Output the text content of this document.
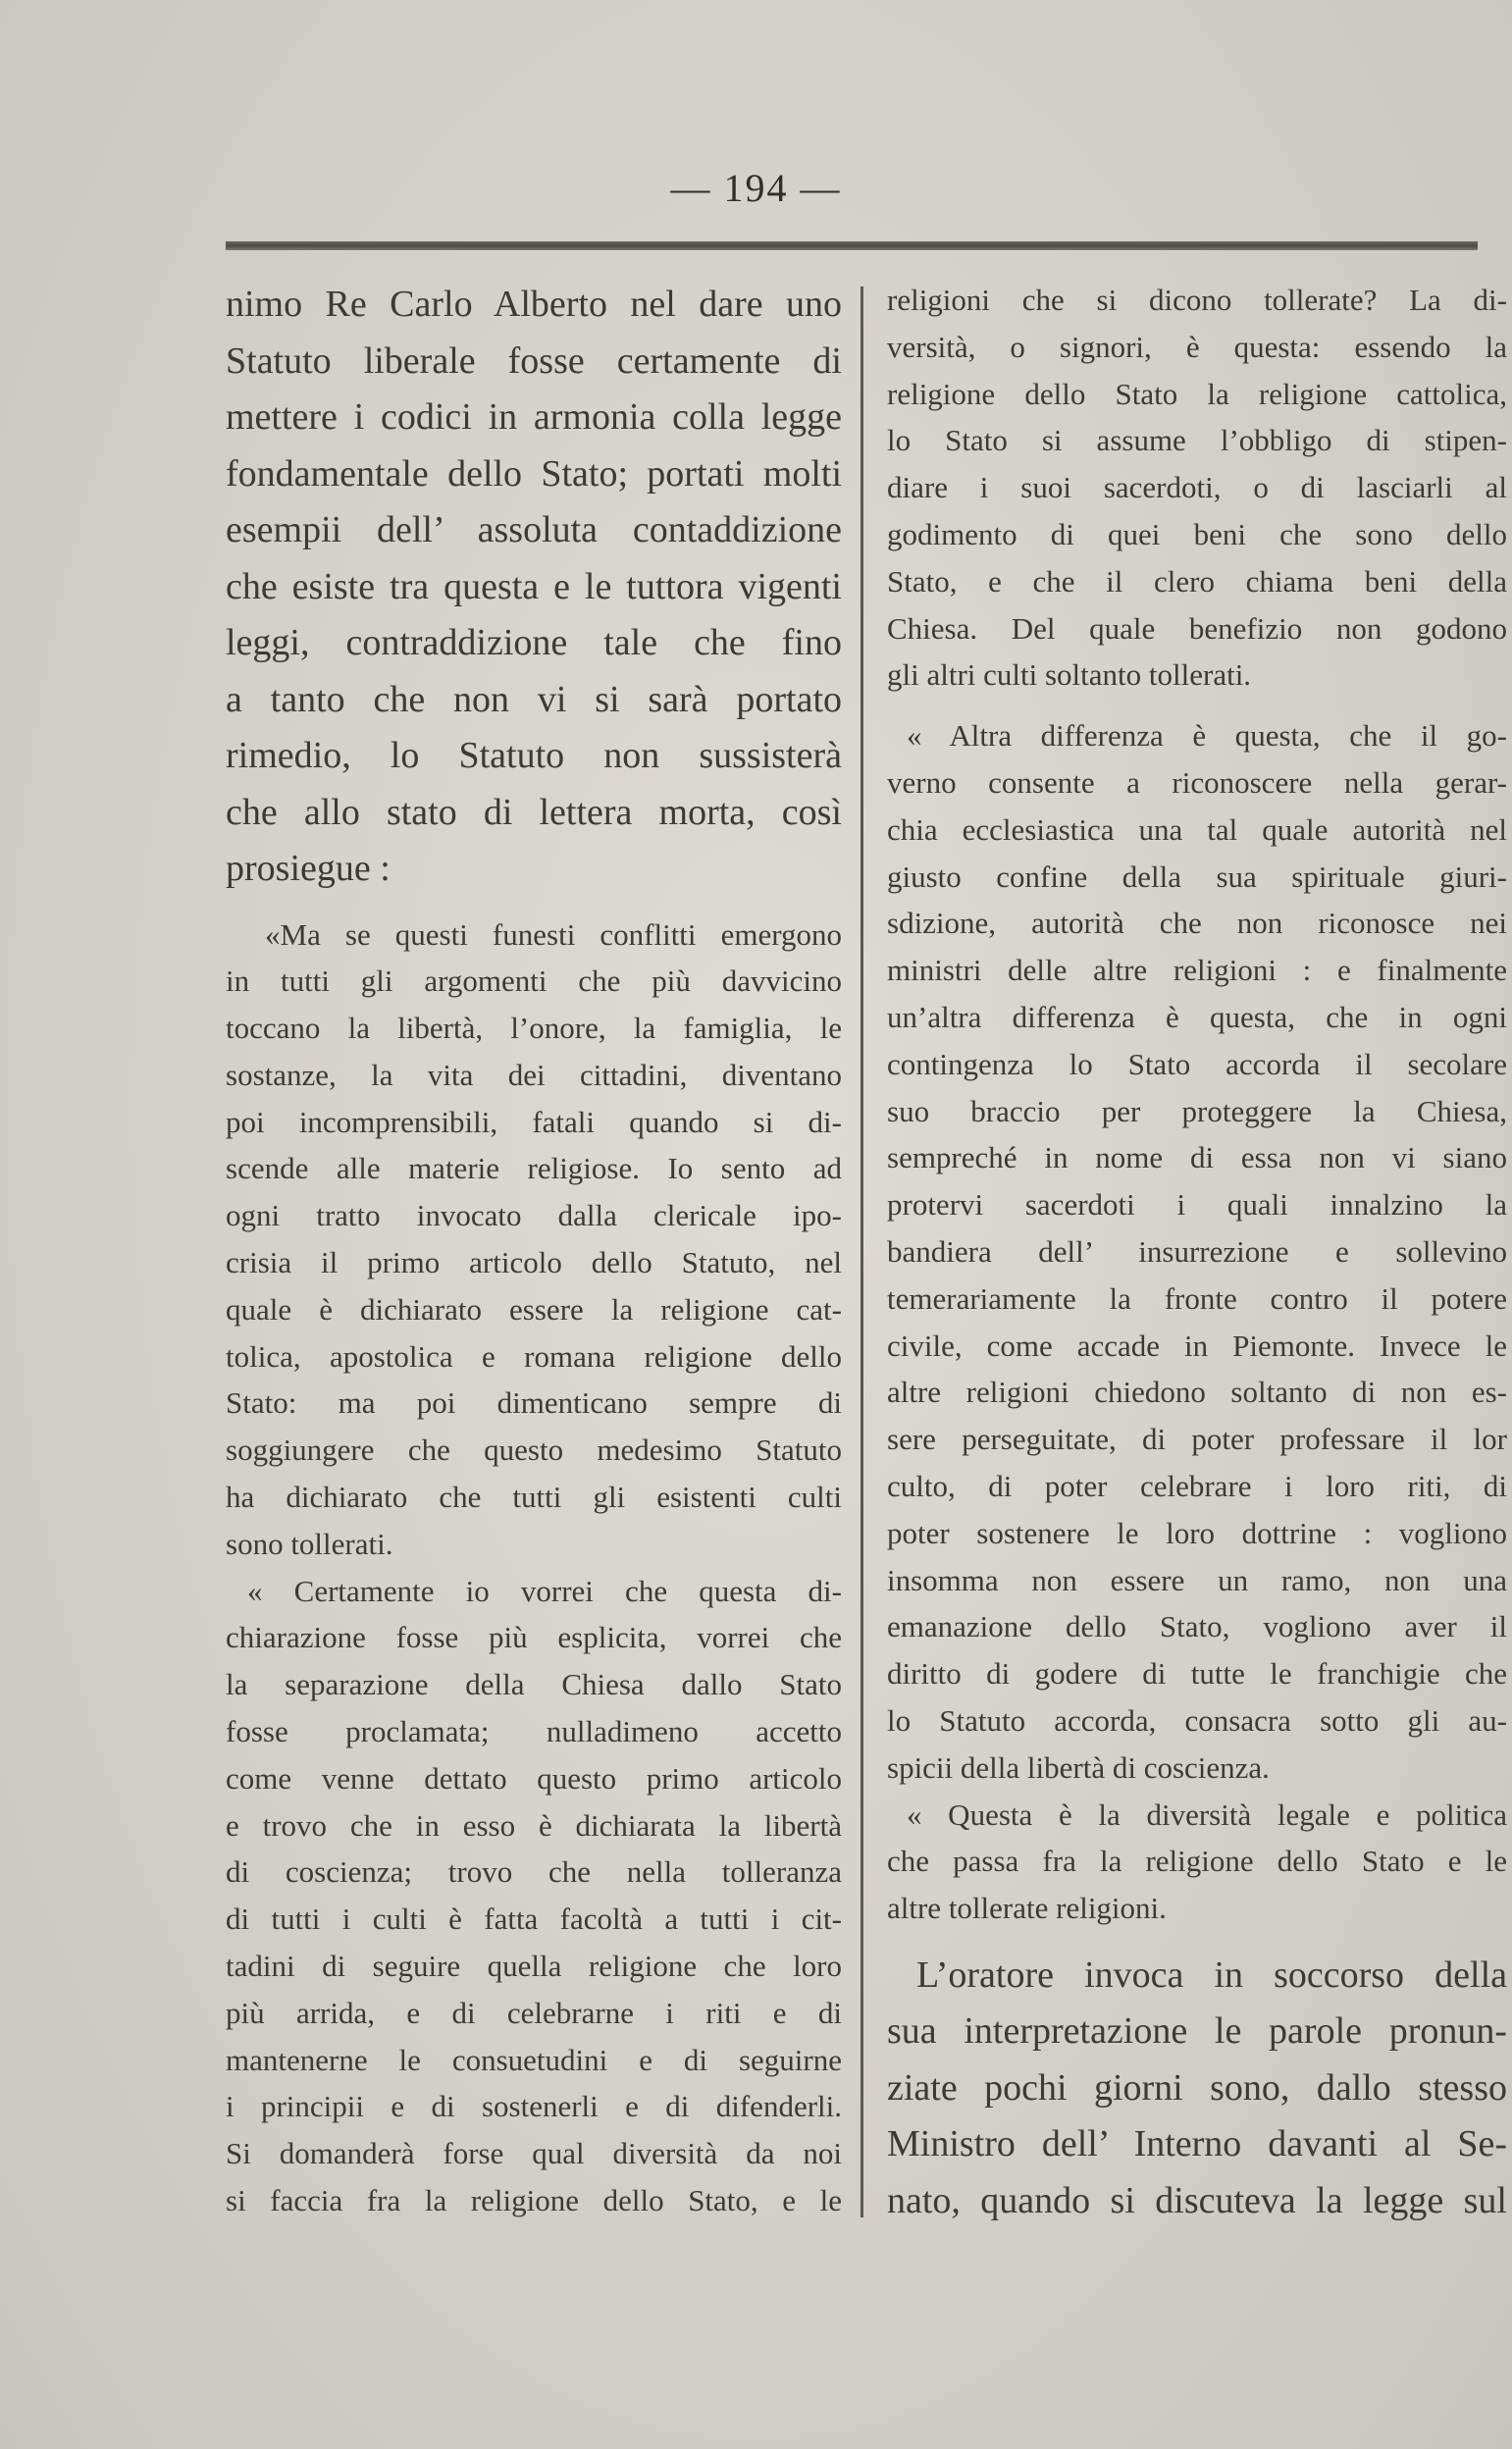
— 194 —

nimo Re Carlo Alberto nel dare uno
Statuto liberale fosse certamente di
mettere i codici in armonia colla legge
fondamentale dello Stato; portati molti
esempii dell’ assoluta contaddizione
che esiste tra questa e le tuttora vigenti
leggi, contraddizione tale che fino
a tanto che non vi si sarà portato
rimedio, lo Statuto non sussisterà
che allo stato di lettera morta, così
prosiegue :

«Ma se questi funesti conflitti emergono
in tutti gli argomenti che più davvicino
toccano la libertà, l’onore, la famiglia, le
sostanze, la vita dei cittadini, diventano
poi incomprensibili, fatali quando si di-
scende alle materie religiose. Io sento ad
ogni tratto invocato dalla clericale ipo-
crisia il primo articolo dello Statuto, nel
quale è dichiarato essere la religione cat-
tolica, apostolica e romana religione dello
Stato: ma poi dimenticano sempre di
soggiungere che questo medesimo Statuto
ha dichiarato che tutti gli esistenti culti
sono tollerati.

« Certamente io vorrei che questa di-
chiarazione fosse più esplicita, vorrei che
la separazione della Chiesa dallo Stato
fosse proclamata; nulladimeno accetto
come venne dettato questo primo articolo
e trovo che in esso è dichiarata la libertà
di coscienza; trovo che nella tolleranza
di tutti i culti è fatta facoltà a tutti i cit-
tadini di seguire quella religione che loro
più arrida, e di celebrarne i riti e di
mantenerne le consuetudini e di seguirne
i principii e di sostenerli e di difenderli.
Si domanderà forse qual diversità da noi
si faccia fra la religione dello Stato, e le

religioni che si dicono tollerate? La di-
versità, o signori, è questa: essendo la
religione dello Stato la religione cattolica,
lo Stato si assume l’obbligo di stipen-
diare i suoi sacerdoti, o di lasciarli al
godimento di quei beni che sono dello
Stato, e che il clero chiama beni della
Chiesa. Del quale benefizio non godono
gli altri culti soltanto tollerati.

« Altra differenza è questa, che il go-
verno consente a riconoscere nella gerar-
chia ecclesiastica una tal quale autorità nel
giusto confine della sua spirituale giuri-
sdizione, autorità che non riconosce nei
ministri delle altre religioni : e finalmente
un’altra differenza è questa, che in ogni
contingenza lo Stato accorda il secolare
suo braccio per proteggere la Chiesa,
sempreché in nome di essa non vi siano
protervi sacerdoti i quali innalzino la
bandiera dell’ insurrezione e sollevino
temerariamente la fronte contro il potere
civile, come accade in Piemonte. Invece le
altre religioni chiedono soltanto di non es-
sere perseguitate, di poter professare il lor
culto, di poter celebrare i loro riti, di
poter sostenere le loro dottrine : vogliono
insomma non essere un ramo, non una
emanazione dello Stato, vogliono aver il
diritto di godere di tutte le franchigie che
lo Statuto accorda, consacra sotto gli au-
spicii della libertà di coscienza.

« Questa è la diversità legale e politica
che passa fra la religione dello Stato e le
altre tollerate religioni.

L’oratore invoca in soccorso della
sua interpretazione le parole pronun-
ziate pochi giorni sono, dallo stesso
Ministro dell’ Interno davanti al Se-
nato, quando si discuteva la legge sul
